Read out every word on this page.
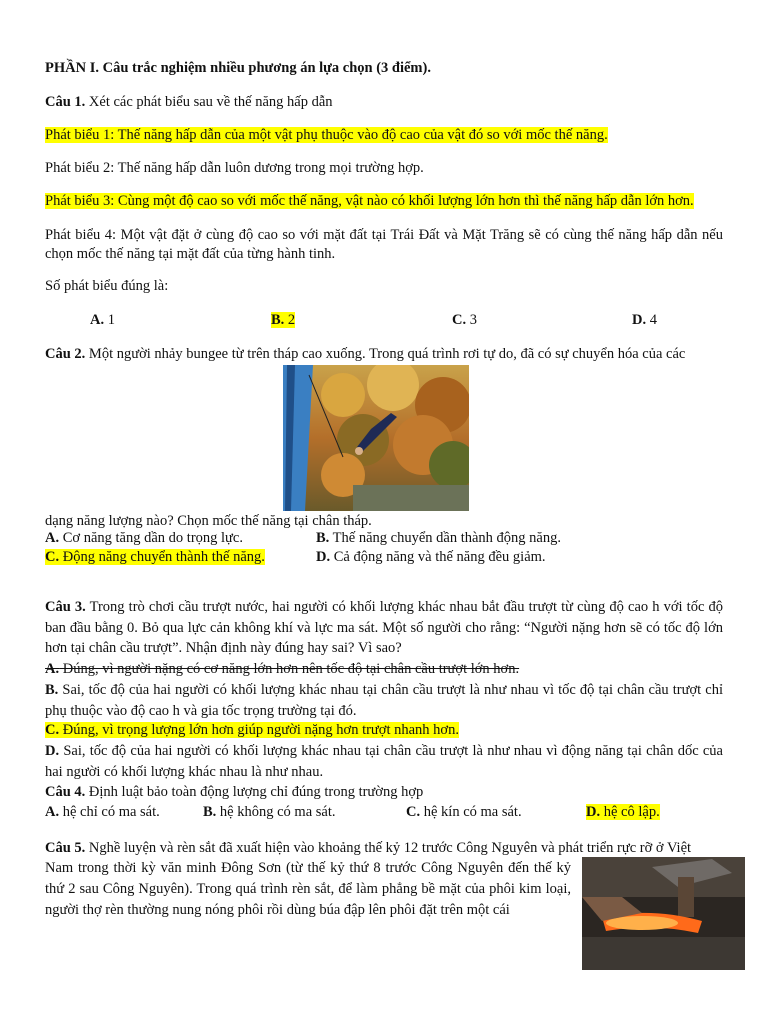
PHẦN I. Câu trắc nghiệm nhiều phương án lựa chọn (3 điểm).
Câu 1. Xét các phát biểu sau về thế năng hấp dẫn
Phát biểu 1: Thế năng hấp dẫn của một vật phụ thuộc vào độ cao của vật đó so với mốc thế năng.
Phát biểu 2: Thế năng hấp dẫn luôn dương trong mọi trường hợp.
Phát biểu 3: Cùng một độ cao so với mốc thế năng, vật nào có khối lượng lớn hơn thì thế năng hấp dẫn lớn hơn.
Phát biểu 4: Một vật đặt ở cùng độ cao so với mặt đất tại Trái Đất và Mặt Trăng sẽ có cùng thế năng hấp dẫn nếu chọn mốc thế năng tại mặt đất của từng hành tinh.
Số phát biểu đúng là:
A. 1	B. 2	C. 3	D. 4
Câu 2. Một người nhảy bungee từ trên tháp cao xuống. Trong quá trình rơi tự do, đã có sự chuyển hóa của các
dạng năng lượng nào? Chọn mốc thế năng tại chân tháp.
A. Cơ năng tăng dần do trọng lực.	B. Thế năng chuyển dần thành động năng.
C. Động năng chuyển thành thế năng.	D. Cả động năng và thế năng đều giảm.
Câu 3. Trong trò chơi cầu trượt nước, hai người có khối lượng khác nhau bắt đầu trượt từ cùng độ cao h với tốc độ ban đầu bằng 0. Bỏ qua lực cản không khí và lực ma sát. Một số người cho rằng: “Người nặng hơn sẽ có tốc độ lớn hơn tại chân cầu trượt”. Nhận định này đúng hay sai? Vì sao?
A. Đúng, vì người nặng có cơ năng lớn hơn nên tốc độ tại chân cầu trượt lớn hơn.
B. Sai, tốc độ của hai người có khối lượng khác nhau tại chân cầu trượt là như nhau vì tốc độ tại chân cầu trượt chỉ phụ thuộc vào độ cao h và gia tốc trọng trường tại đó.
C. Đúng, vì trọng lượng lớn hơn giúp người nặng hơn trượt nhanh hơn.
D. Sai, tốc độ của hai người có khối lượng khác nhau tại chân cầu trượt là như nhau vì động năng tại chân dốc của hai người có khối lượng khác nhau là như nhau.
Câu 4. Định luật bảo toàn động lượng chỉ đúng trong trường hợp
A. hệ chỉ có ma sát.	B. hệ không có ma sát.	C. hệ kín có ma sát.	D. hệ cô lập.
Câu 5. Nghề luyện và rèn sắt đã xuất hiện vào khoảng thế kỷ 12 trước Công Nguyên và phát triển rực rỡ ở Việt
Nam trong thời kỳ văn minh Đông Sơn (từ thế kỷ thứ 8 trước Công Nguyên đến thế kỷ thứ 2 sau Công Nguyên). Trong quá trình rèn sắt, để làm phẳng bề mặt của phôi kim loại, người thợ rèn thường nung nóng phôi rồi dùng búa đập lên phôi đặt trên một cái
